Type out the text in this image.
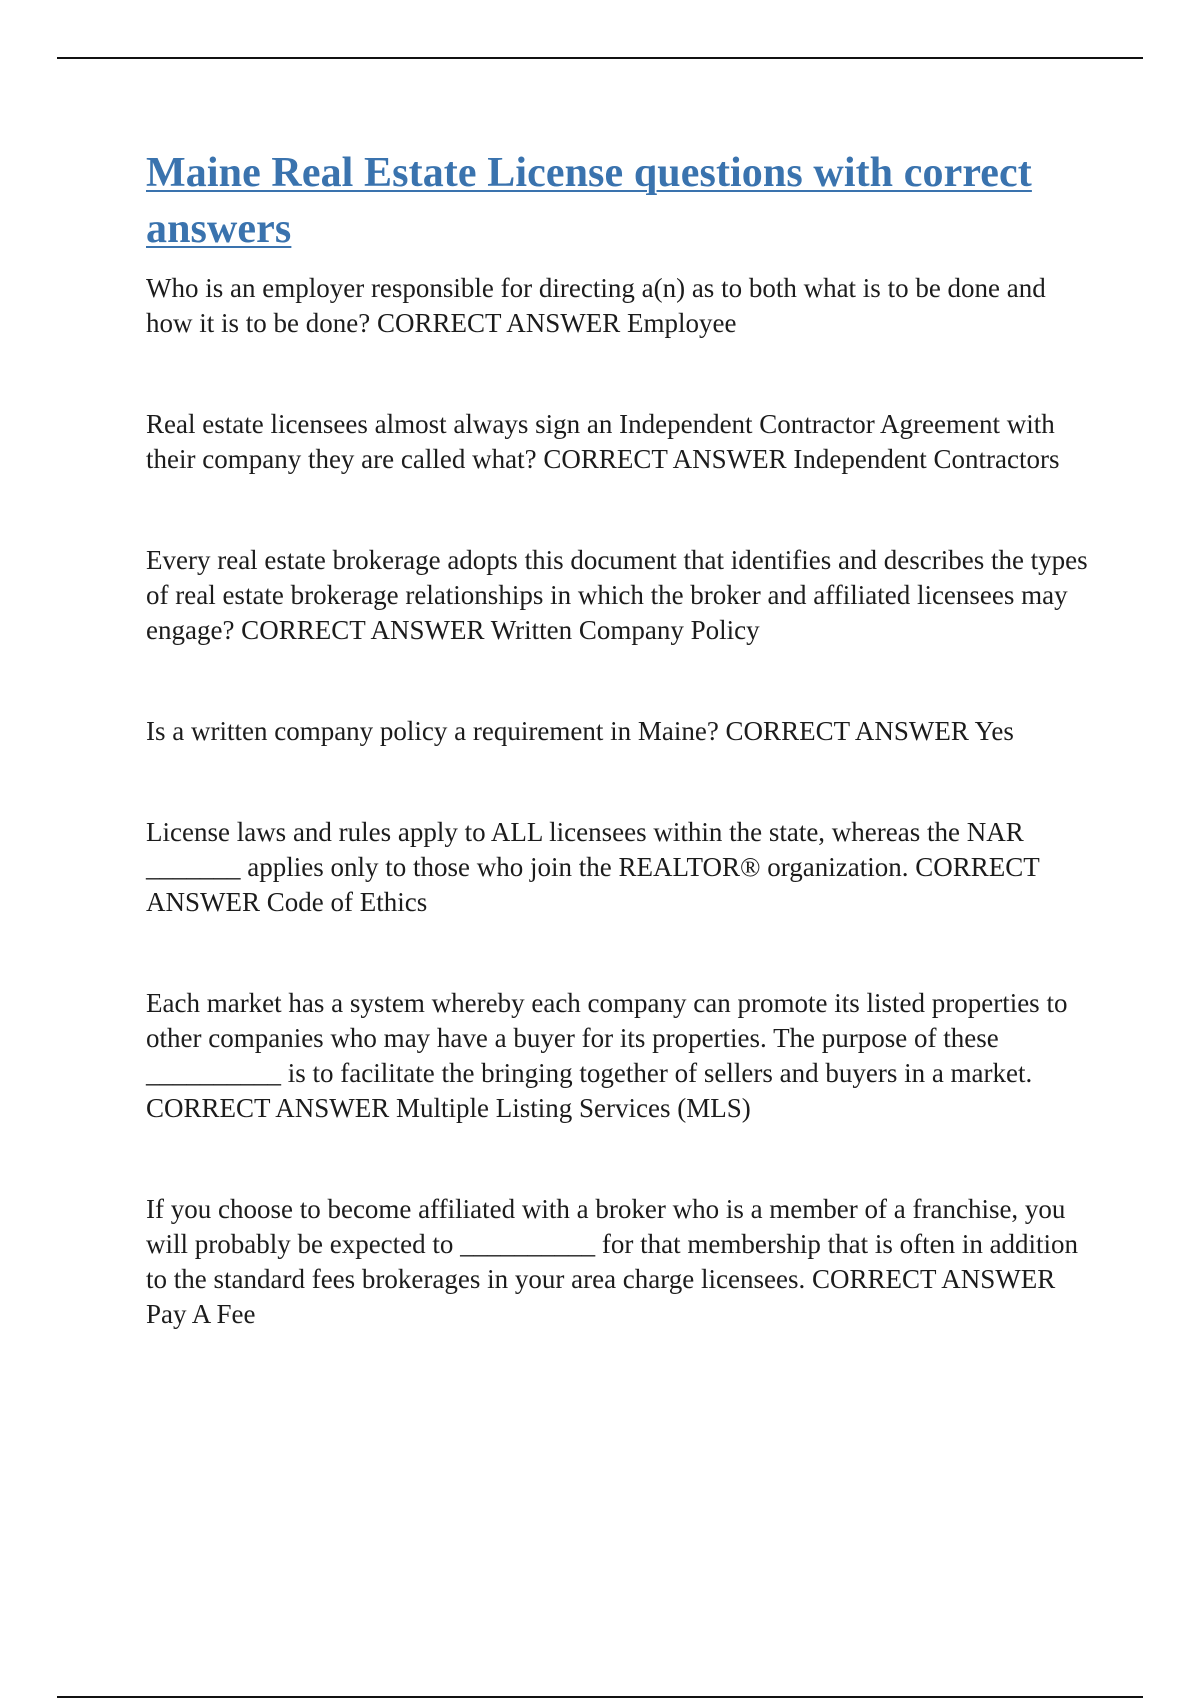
Maine Real Estate License questions with correct answers

Who is an employer responsible for directing a(n) as to both what is to be done and how it is to be done? CORRECT ANSWER Employee

Real estate licensees almost always sign an Independent Contractor Agreement with their company they are called what? CORRECT ANSWER Independent Contractors

Every real estate brokerage adopts this document that identifies and describes the types of real estate brokerage relationships in which the broker and affiliated licensees may engage? CORRECT ANSWER Written Company Policy

Is a written company policy a requirement in Maine? CORRECT ANSWER Yes

License laws and rules apply to ALL licensees within the state, whereas the NAR _______ applies only to those who join the REALTOR® organization. CORRECT ANSWER Code of Ethics

Each market has a system whereby each company can promote its listed properties to other companies who may have a buyer for its properties. The purpose of these __________ is to facilitate the bringing together of sellers and buyers in a market. CORRECT ANSWER Multiple Listing Services (MLS)

If you choose to become affiliated with a broker who is a member of a franchise, you will probably be expected to __________ for that membership that is often in addition to the standard fees brokerages in your area charge licensees. CORRECT ANSWER Pay A Fee
